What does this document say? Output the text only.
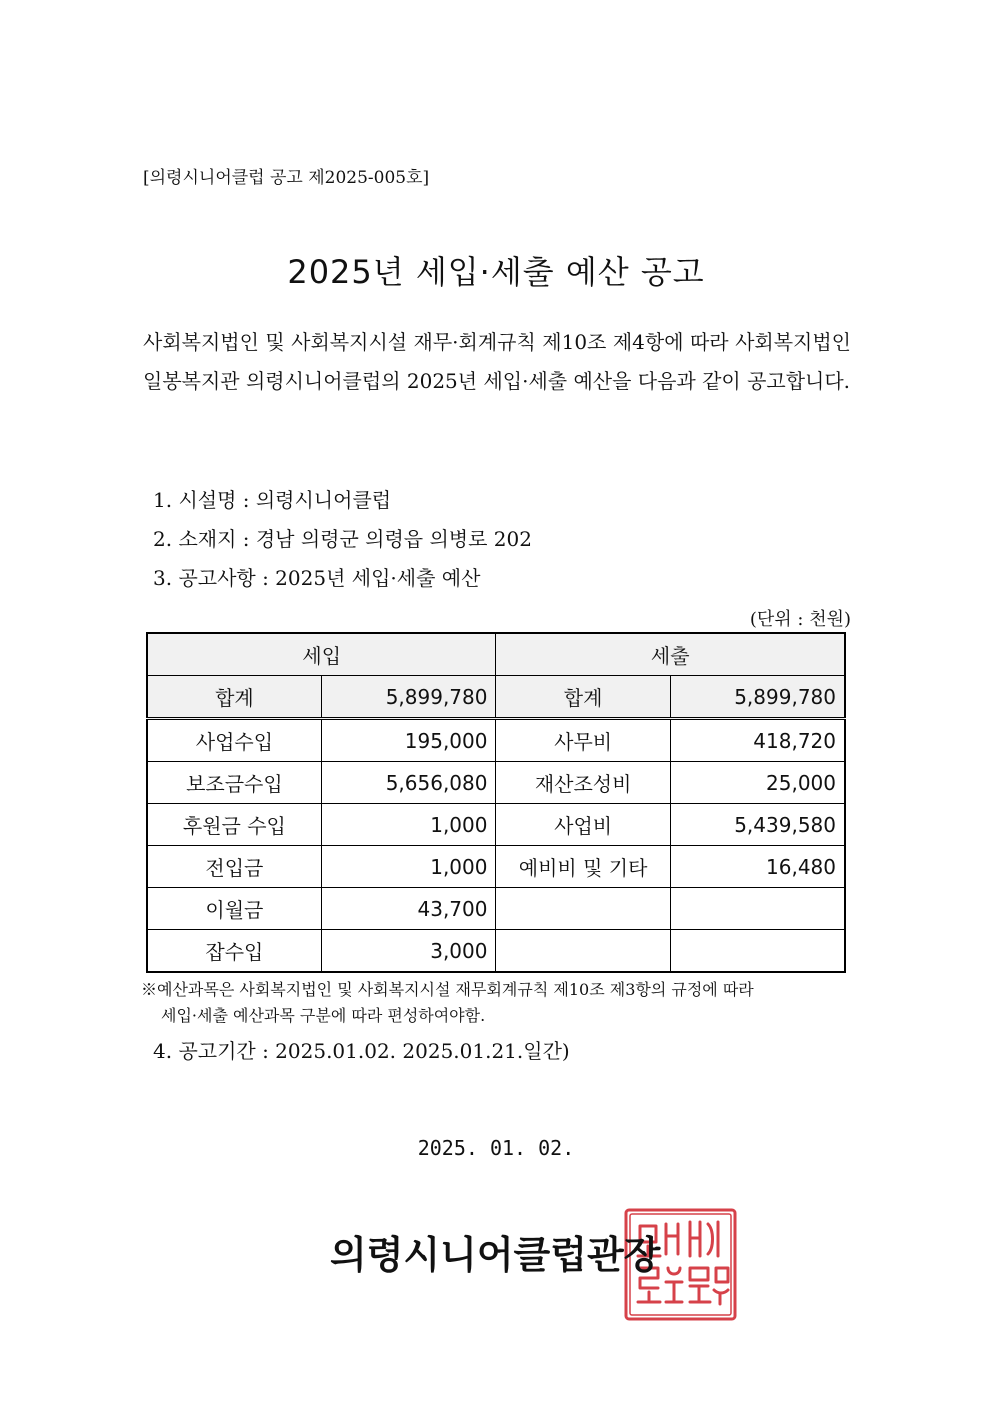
[의령시니어클럽 공고 제2025-005호]
2025년 세입·세출 예산 공고
사회복지법인 및 사회복지시설 재무·회계규칙 제10조 제4항에 따라 사회복지법인 일봉복지관 의령시니어클럽의 2025년 세입·세출 예산을 다음과 같이 공고합니다.
1. 시설명 : 의령시니어클럽
2. 소재지 : 경남 의령군 의령읍 의병로 202
3. 공고사항 : 2025년 세입·세출 예산
(단위 : 천원)
세입		세출	
합계	5,899,780	합계	5,899,780
사업수입	195,000	사무비	418,720
보조금수입	5,656,080	재산조성비	25,000
후원금 수입	1,000	사업비	5,439,580
전입금	1,000	예비비 및 기타	16,480
이월금	43,700		
잡수입	3,000		
※예산과목은 사회복지법인 및 사회복지시설 재무회계규칙 제10조 제3항의 규정에 따라
세입·세출 예산과목 구분에 따라 편성하여야함.
4. 공고기간 : 2025.01.02. 2025.01.21.일간)
2025. 01. 02.
의령시니어클럽관장
